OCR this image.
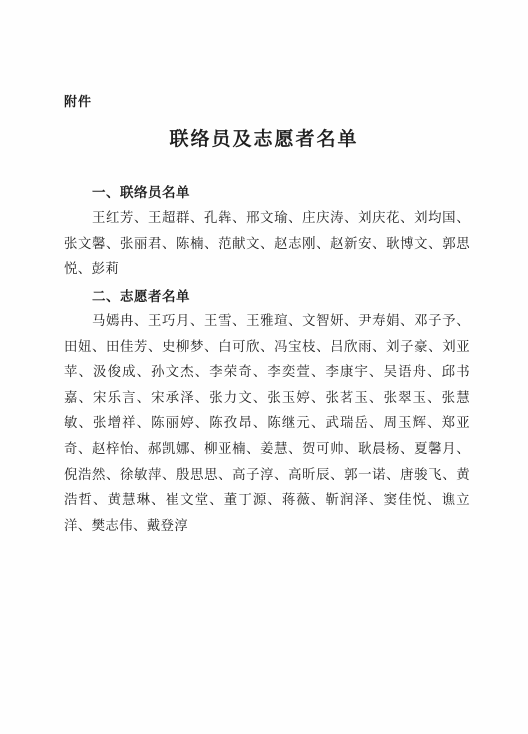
附件
联络员及志愿者名单
一、联络员名单
王红芳、王超群、孔犇、邢文瑜、庄庆涛、刘庆花、刘均国、张文馨、张丽君、陈楠、范献文、赵志刚、赵新安、耿博文、郭思悦、彭莉
二、志愿者名单
马嫣冉、王巧月、王雪、王雅瑄、文智妍、尹寿娟、邓子予、田妞、田佳芳、史柳梦、白可欣、冯宝枝、吕欣雨、刘子豪、刘亚苹、汲俊成、孙文杰、李荣奇、李奕萱、李康宇、吴语舟、邱书嘉、宋乐言、宋承泽、张力文、张玉婷、张茗玉、张翠玉、张慧敏、张增祥、陈丽婷、陈孜昂、陈继元、武瑞岳、周玉辉、郑亚奇、赵梓怡、郝凯娜、柳亚楠、姜慧、贺可帅、耿晨杨、夏馨月、倪浩然、徐敏萍、殷思思、高子淳、高昕辰、郭一诺、唐骏飞、黄浩哲、黄慧琳、崔文堂、董丁源、蒋薇、靳润泽、窦佳悦、谯立洋、樊志伟、戴登淳
